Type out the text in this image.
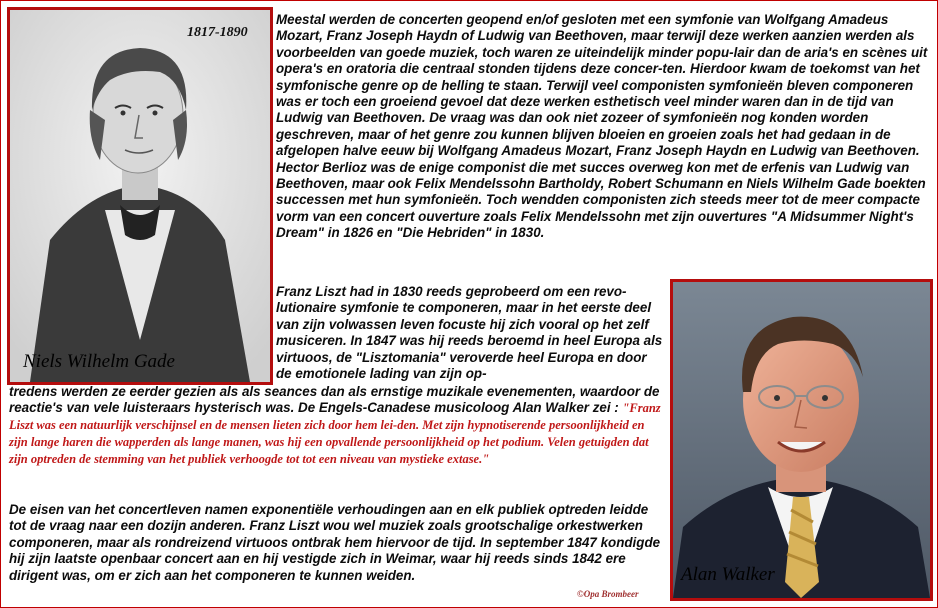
1817-1890
Niels Wilhelm Gade

Meestal werden de concerten geopend en/of gesloten met een symfonie van Wolfgang Amadeus Mozart, Franz Joseph Haydn of Ludwig van Beethoven, maar terwijl deze werken aanzien werden als voorbeelden van goede muziek, toch waren ze uiteindelijk minder popu-lair dan de aria's en scènes uit opera's en oratoria die centraal stonden tijdens deze concer-ten. Hierdoor kwam de toekomst van het symfonische genre op de helling te staan. Terwijl veel componisten symfonieën bleven componeren was er toch een groeiend gevoel dat deze werken esthetisch veel minder waren dan in de tijd van Ludwig van Beethoven. De vraag was dan ook niet zozeer of symfonieën nog konden worden geschreven, maar of het genre zou kunnen blijven bloeien en groeien zoals het had gedaan in de afgelopen halve eeuw bij Wolfgang Amadeus Mozart, Franz Joseph Haydn en Ludwig van Beethoven. Hector Berlioz was de enige componist die met succes overweg kon met de erfenis van Ludwig van Beethoven, maar ook Felix Mendelssohn Bartholdy, Robert Schumann en Niels Wilhelm Gade boekten successen met hun symfonieën. Toch wendden componisten zich steeds meer tot de meer compacte vorm van een concert ouverture zoals Felix Mendelssohn met zijn ouvertures "A Midsummer Night's Dream" in 1826 en "Die Hebriden" in 1830.

Franz Liszt had in 1830 reeds geprobeerd om een revo-lutionaire symfonie te componeren, maar in het eerste deel van zijn volwassen leven focuste hij zich vooral op het zelf musiceren. In 1847 was hij reeds beroemd in heel Europa als virtuoos, de "Lisztomania" veroverde heel Europa en door de emotionele lading van zijn op-

tredens werden ze eerder gezien als als seances dan als ernstige muzikale evenementen, waardoor de reactie's van vele luisteraars hysterisch was. De Engels-Canadese musicoloog Alan Walker zei : "Franz Liszt was een natuurlijk verschijnsel en de mensen lieten zich door hem lei-den. Met zijn hypnotiserende persoonlijkheid en zijn lange haren die wapperden als lange manen, was hij een opvallende persoonlijkheid op het podium. Velen getuigden dat zijn optreden de stemming van het publiek verhoogde tot tot een niveau van mystieke extase."

De eisen van het concertleven namen exponentiële verhoudingen aan en elk publiek optreden leidde tot de vraag naar een dozijn anderen. Franz Liszt wou wel muziek zoals grootschalige orkestwerken componeren, maar als rondreizend virtuoos ontbrak hem hiervoor de tijd. In september 1847 kondigde hij zijn laatste openbaar concert aan en hij vestigde zich in Weimar, waar hij reeds sinds 1842 ere dirigent was, om er zich aan het componeren te kunnen weiden.

©Opa Brombeer
Alan Walker
